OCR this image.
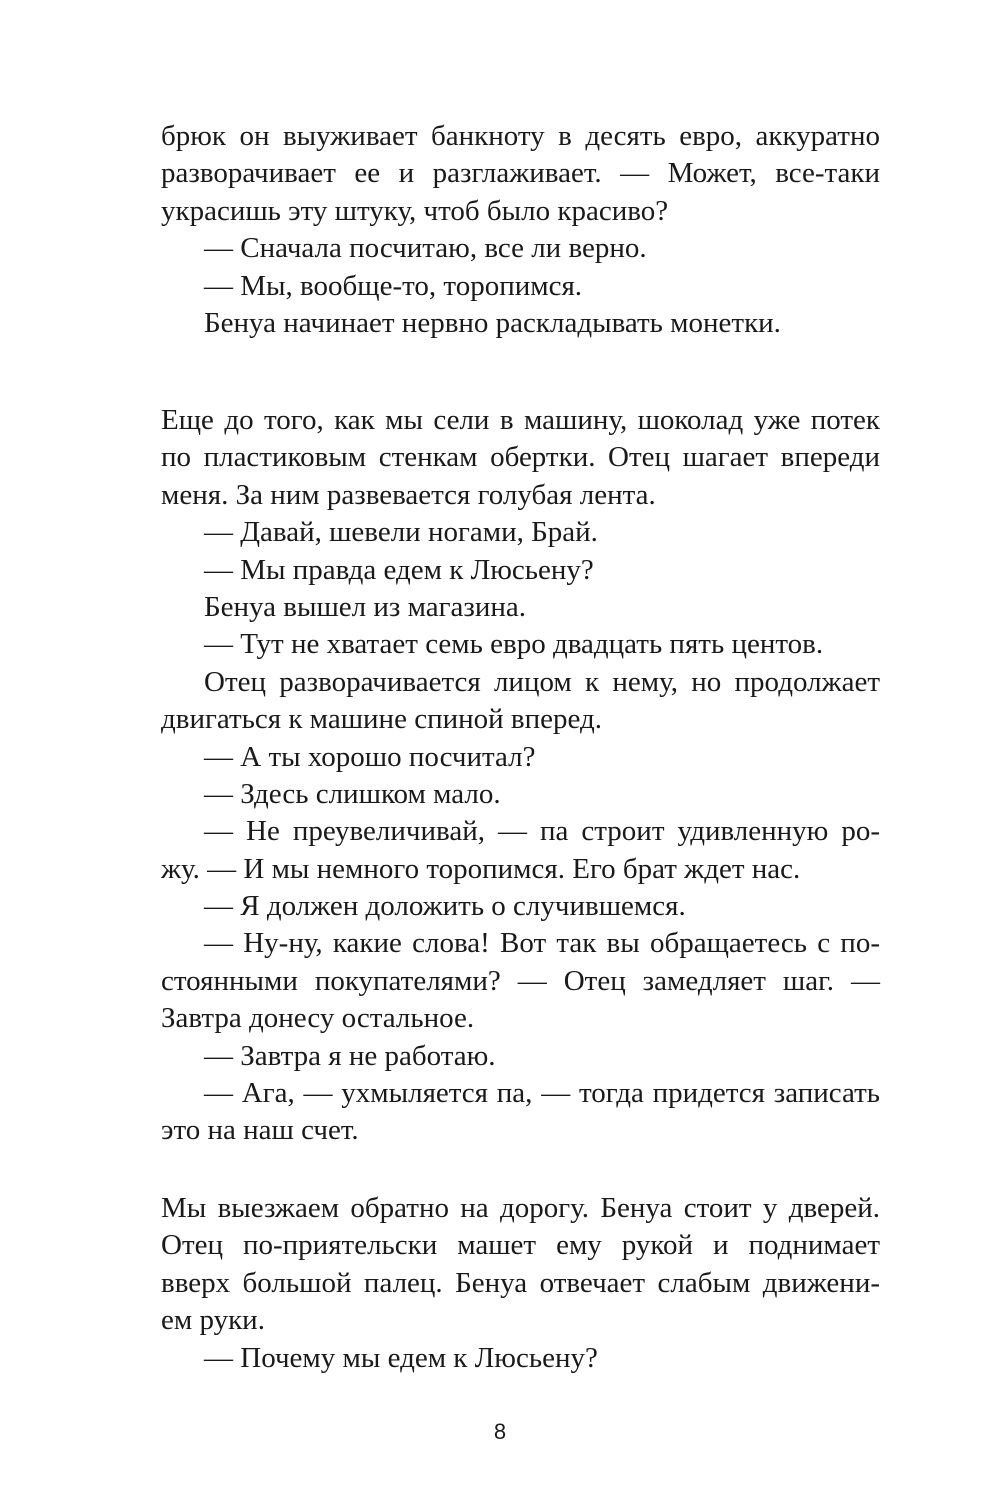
брюк он выуживает банкноту в десять евро, аккуратно
разворачивает ее и разглаживает. — Может, все-таки
украсишь эту штуку, чтоб было красиво?
— Сначала посчитаю, все ли верно.
— Мы, вообще-то, торопимся.
Бенуа начинает нервно раскладывать монетки.
Еще до того, как мы сели в машину, шоколад уже потек
по пластиковым стенкам обертки. Отец шагает впереди
меня. За ним развевается голубая лента.
— Давай, шевели ногами, Брай.
— Мы правда едем к Люсьену?
Бенуа вышел из магазина.
— Тут не хватает семь евро двадцать пять центов.
Отец разворачивается лицом к нему, но продолжает
двигаться к машине спиной вперед.
— А ты хорошо посчитал?
— Здесь слишком мало.
— Не преувеличивай, — па строит удивленную ро-
жу. — И мы немного торопимся. Его брат ждет нас.
— Я должен доложить о случившемся.
— Ну-ну, какие слова! Вот так вы обращаетесь с по-
стоянными покупателями? — Отец замедляет шаг. —
Завтра донесу остальное.
— Завтра я не работаю.
— Ага, — ухмыляется па, — тогда придется записать
это на наш счет.
Мы выезжаем обратно на дорогу. Бенуа стоит у дверей.
Отец по-приятельски машет ему рукой и поднимает
вверх большой палец. Бенуа отвечает слабым движени-
ем руки.
— Почему мы едем к Люсьену?
8
